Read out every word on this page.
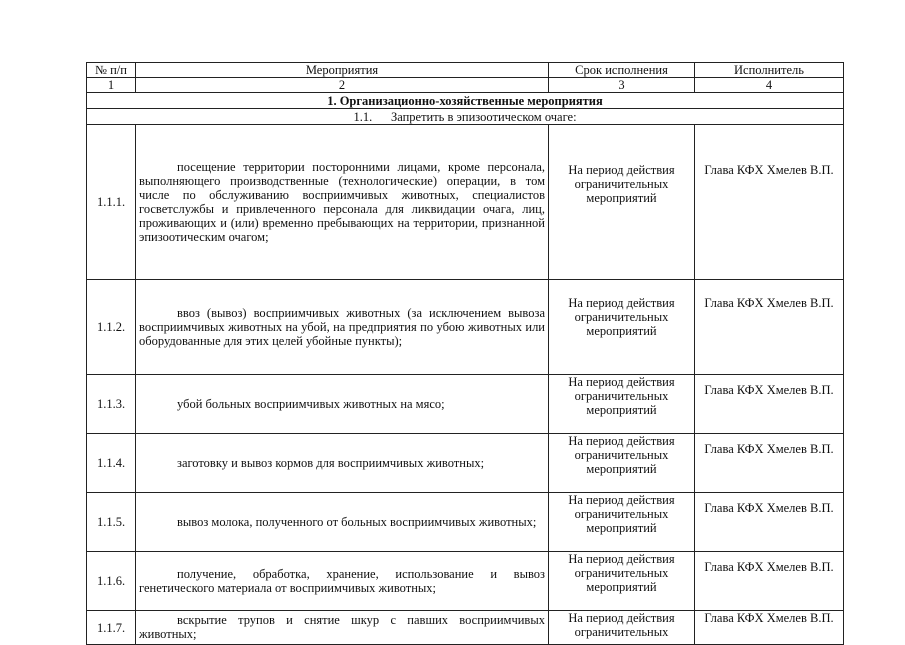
№ п/п	Мероприятия	Срок исполнения	Исполнитель
1	2	3	4
1. Организационно-хозяйственные мероприятия			
1.1. Запретить в эпизоотическом очаге:			
1.1.1.	посещение территории посторонними лицами, кроме персонала, выполняющего производственные (технологические) операции, в том числе по обслуживанию восприимчивых животных, специалистов госветслужбы и привлеченного персонала для ликвидации очага, лиц, проживающих и (или) временно пребывающих на территории, признанной эпизоотическим очагом;	На период действия ограничительных мероприятий	Глава КФХ Хмелев В.П.
1.1.2.	ввоз (вывоз) восприимчивых животных (за исключением вывоза восприимчивых животных на убой, на предприятия по убою животных или оборудованные для этих целей убойные пункты);	На период действия ограничительных мероприятий	Глава КФХ Хмелев В.П.
1.1.3.	убой больных восприимчивых животных на мясо;	На период действия ограничительных мероприятий	Глава КФХ Хмелев В.П.
1.1.4.	заготовку и вывоз кормов для восприимчивых животных;	На период действия ограничительных мероприятий	Глава КФХ Хмелев В.П.
1.1.5.	вывоз молока, полученного от больных восприимчивых животных;	На период действия ограничительных мероприятий	Глава КФХ Хмелев В.П.
1.1.6.	получение, обработка, хранение, использование и вывоз генетического материала от восприимчивых животных;	На период действия ограничительных мероприятий	Глава КФХ Хмелев В.П.
1.1.7.	вскрытие трупов и снятие шкур с павших восприимчивых животных;	На период действия ограничительных	Глава КФХ Хмелев В.П.
